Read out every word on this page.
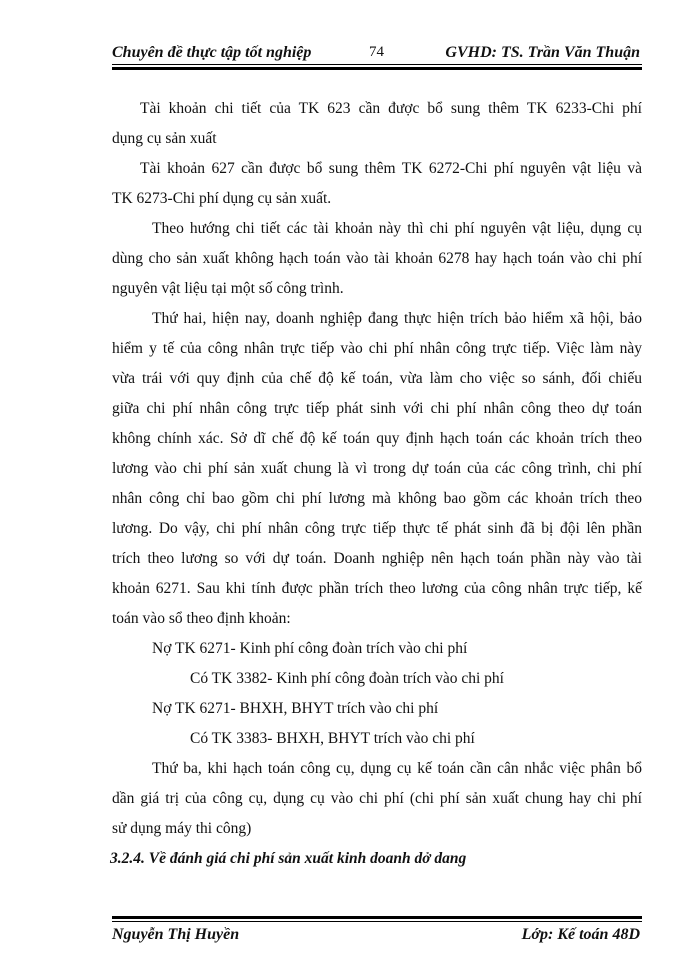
Chuyên đề thực tập tốt nghiệp	74	GVHD: TS. Trần Văn Thuận
Tài khoản chi tiết của TK 623 cần được bổ sung thêm TK 6233-Chi phí
dụng cụ sản xuất
Tài khoản 627 cần được bổ sung thêm TK 6272-Chi phí nguyên vật liệu và
TK 6273-Chi phí dụng cụ sản xuất.
Theo hướng chi tiết các tài khoản này thì chi phí nguyên vật liệu, dụng cụ
dùng cho sản xuất không hạch toán vào tài khoản 6278 hay hạch toán vào chi phí
nguyên vật liệu tại một số công trình.
Thứ hai, hiện nay, doanh nghiệp đang thực hiện trích bảo hiểm xã hội, bảo
hiểm y tế của công nhân trực tiếp vào chi phí nhân công trực tiếp. Việc làm này
vừa trái với quy định của chế độ kế toán, vừa làm cho việc so sánh, đối chiếu
giữa chi phí nhân công trực tiếp phát sinh với chi phí nhân công theo dự toán
không chính xác. Sở dĩ chế độ kế toán quy định hạch toán các khoản trích theo
lương vào chi phí sản xuất chung là vì trong dự toán của các công trình, chi phí
nhân công chỉ bao gồm chi phí lương mà không bao gồm các khoản trích theo
lương. Do vậy, chi phí nhân công trực tiếp thực tế phát sinh đã bị đội lên phần
trích theo lương so với dự toán. Doanh nghiệp nên hạch toán phần này vào tài
khoản 6271. Sau khi tính được phần trích theo lương của công nhân trực tiếp, kế
toán vào sổ theo định khoản:
Nợ TK 6271- Kinh phí công đoàn trích vào chi phí
Có TK 3382- Kinh phí công đoàn trích vào chi phí
Nợ TK 6271- BHXH, BHYT trích vào chi phí
Có TK 3383- BHXH, BHYT trích vào chi phí
Thứ ba, khi hạch toán công cụ, dụng cụ kế toán cần cân nhắc việc phân bổ
dần giá trị của công cụ, dụng cụ vào chi phí (chi phí sản xuất chung hay chi phí
sử dụng máy thi công)
3.2.4. Về đánh giá chi phí sản xuất kinh doanh dở dang
Nguyễn Thị Huyền	Lớp: Kế toán 48D
